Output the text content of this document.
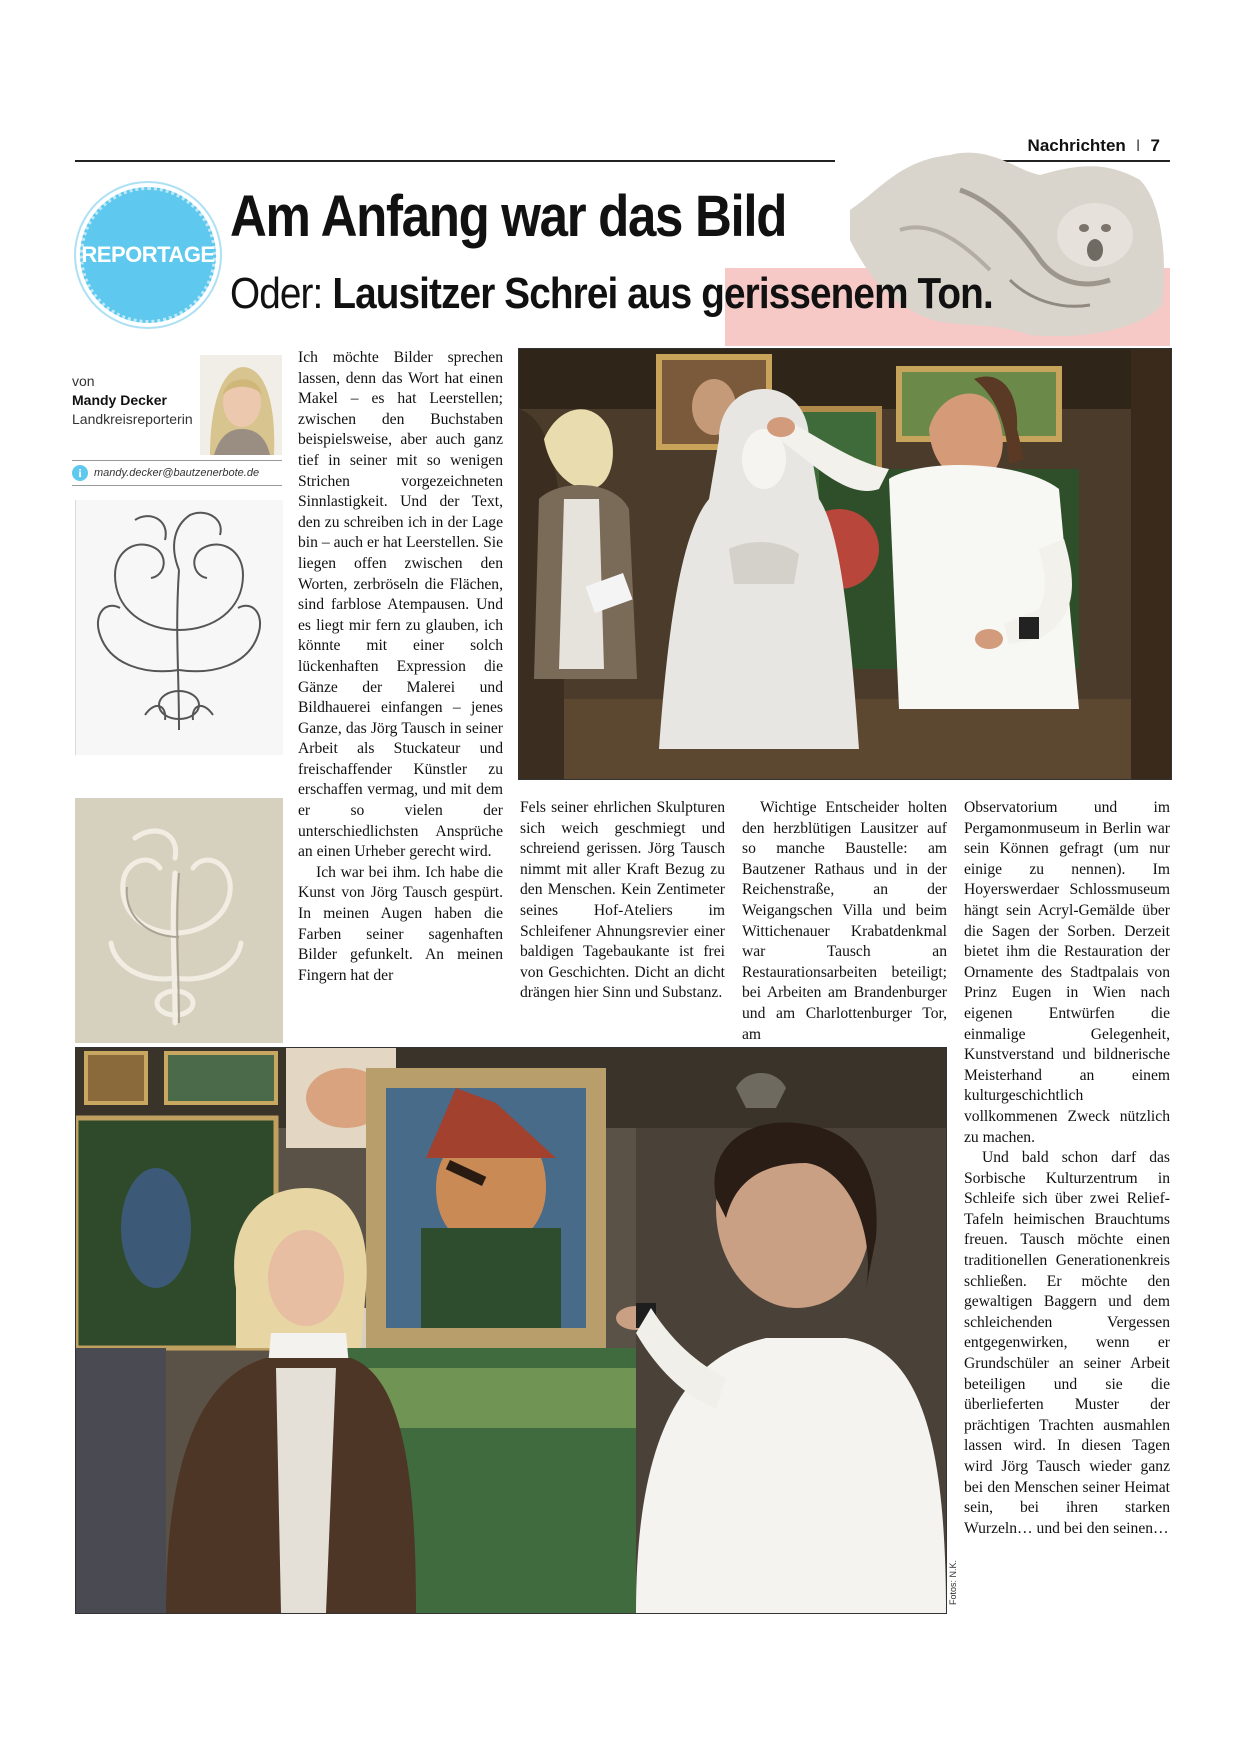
Nachrichten I 7
REPORTAGE
Am Anfang war das Bild
Oder: Lausitzer Schrei aus gerissenem Ton.
von
Mandy Decker
Landkreisreporterin
i	mandy.decker@bautzenerbote.de

Ich möchte Bilder sprechen lassen, denn das Wort hat einen Makel – es hat Leerstellen; zwischen den Buchstaben beispielsweise, aber auch ganz tief in seiner mit so wenigen Strichen vorgezeichneten Sinnlastigkeit. Und der Text, den zu schreiben ich in der Lage bin – auch er hat Leerstellen. Sie liegen offen zwischen den Worten, zerbröseln die Flächen, sind farblose Atempausen. Und es liegt mir fern zu glauben, ich könnte mit einer solch lückenhaften Expression die Gänze der Malerei und Bildhauerei einfangen – jenes Ganze, das Jörg Tausch in seiner Arbeit als Stuckateur und freischaffender Künstler zu erschaffen vermag, und mit dem er so vielen der unterschiedlichsten Ansprüche an einen Urheber gerecht wird.

Ich war bei ihm. Ich habe die Kunst von Jörg Tausch gespürt. In meinen Augen haben die Farben seiner sagenhaften Bilder gefunkelt. An meinen Fingern hat der

Fels seiner ehrlichen Skulpturen sich weich geschmiegt und schreiend gerissen. Jörg Tausch nimmt mit aller Kraft Bezug zu den Menschen. Kein Zentimeter seines Hof-Ateliers im Schleifener Ahnungsrevier einer baldigen Tagebaukante ist frei von Geschichten. Dicht an dicht drängen hier Sinn und Substanz.

Wichtige Entscheider holten den herzblütigen Lausitzer auf so manche Baustelle: am Bautzener Rathaus und in der Reichenstraße, an der Weigangschen Villa und beim Wittichenauer Krabatdenkmal war Tausch an Restaurationsarbeiten beteiligt; bei Arbeiten am Brandenburger und am Charlottenburger Tor, am

Observatorium und im Pergamonmuseum in Berlin war sein Können gefragt (um nur einige zu nennen). Im Hoyerswerdaer Schlossmuseum hängt sein Acryl-Gemälde über die Sagen der Sorben. Derzeit bietet ihm die Restauration der Ornamente des Stadtpalais von Prinz Eugen in Wien nach eigenen Entwürfen die einmalige Gelegenheit, Kunstverstand und bildnerische Meisterhand an einem kulturgeschichtlich vollkommenen Zweck nützlich zu machen.

Und bald schon darf das Sorbische Kulturzentrum in Schleife sich über zwei Relief-Tafeln heimischen Brauchtums freuen. Tausch möchte einen traditionellen Generationenkreis schließen. Er möchte den gewaltigen Baggern und dem schleichenden Vergessen entgegenwirken, wenn er Grundschüler an seiner Arbeit beteiligen und sie die überlieferten Muster der prächtigen Trachten ausmahlen lassen wird. In diesen Tagen wird Jörg Tausch wieder ganz bei den Menschen seiner Heimat sein, bei ihren starken Wurzeln… und bei den seinen…

Fotos: N.K.
